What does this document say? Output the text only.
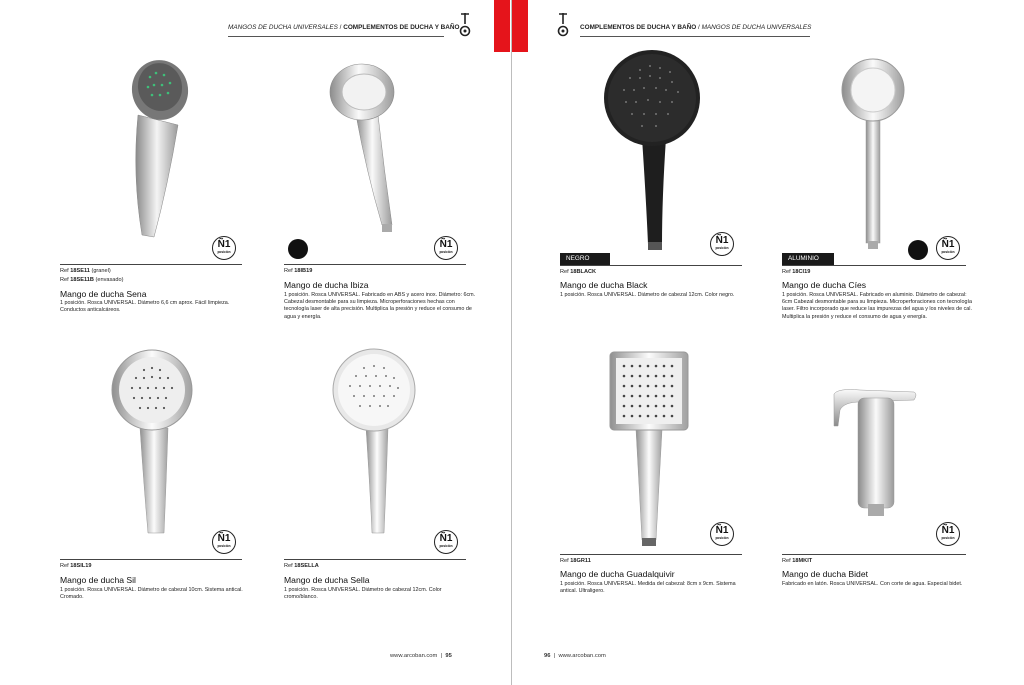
MANGOS DE DUCHA UNIVERSALES / COMPLEMENTOS DE DUCHA Y BAÑO
Ñ1
posición
Ref 18SE11 (granel)
Ref 18SE11B (envasado)
Mango de ducha Sena
1 posición. Rosca UNIVERSAL. Diámetro 6,6 cm aprox. Fácil limpieza. Conductos anticalcáreos.
Ñ1
posición
Ref 18IB19
Mango de ducha Ibiza
1 posición. Rosca UNIVERSAL. Fabricado en ABS y acero inox. Diámetro: 6cm. Cabezal desmontable para su limpieza. Microperforaciones hechas con tecnología laser de alta precisión. Multiplica la presión y reduce el consumo de agua y energía.
Ñ1
posición
Ref 18SIL19
Mango de ducha Sil
1 posición. Rosca UNIVERSAL. Diámetro de cabezal 10cm. Sistema antical. Cromado.
Ñ1
posición
Ref 18SELLA
Mango de ducha Sella
1 posición. Rosca UNIVERSAL. Diámetro de cabezal 12cm. Color cromo/blanco.
www.arcoban.com | 95
COMPLEMENTOS DE DUCHA Y BAÑO / MANGOS DE DUCHA UNIVERSALES
Ñ1
posición
NEGRO
Ref 18BLACK
Mango de ducha Black
1 posición. Rosca UNIVERSAL. Diámetro de cabezal 12cm. Color negro.
Ñ1
posición
ALUMINIO
Ref 18CI19
Mango de ducha Cíes
1 posición. Rosca UNIVERSAL. Fabricado en aluminio. Diámetro de cabezal: 6cm Cabezal desmontable para su limpieza. Microperforaciones con tecnología laser. Filtro incorporado que reduce las impurezas del agua y los niveles de cal. Multiplica la presión y reduce el consumo de agua y energía.
Ñ1
posición
Ref 18GR11
Mango de ducha Guadalquivir
1 posición. Rosca UNIVERSAL. Medida del cabezal: 8cm x 9cm. Sistema antical. Ultraligero.
Ñ1
posición
Ref 18MKIT
Mango de ducha Bidet
Fabricado en latón. Rosca UNIVERSAL. Con corte de agua. Especial bidet.
96 | www.arcoban.com
